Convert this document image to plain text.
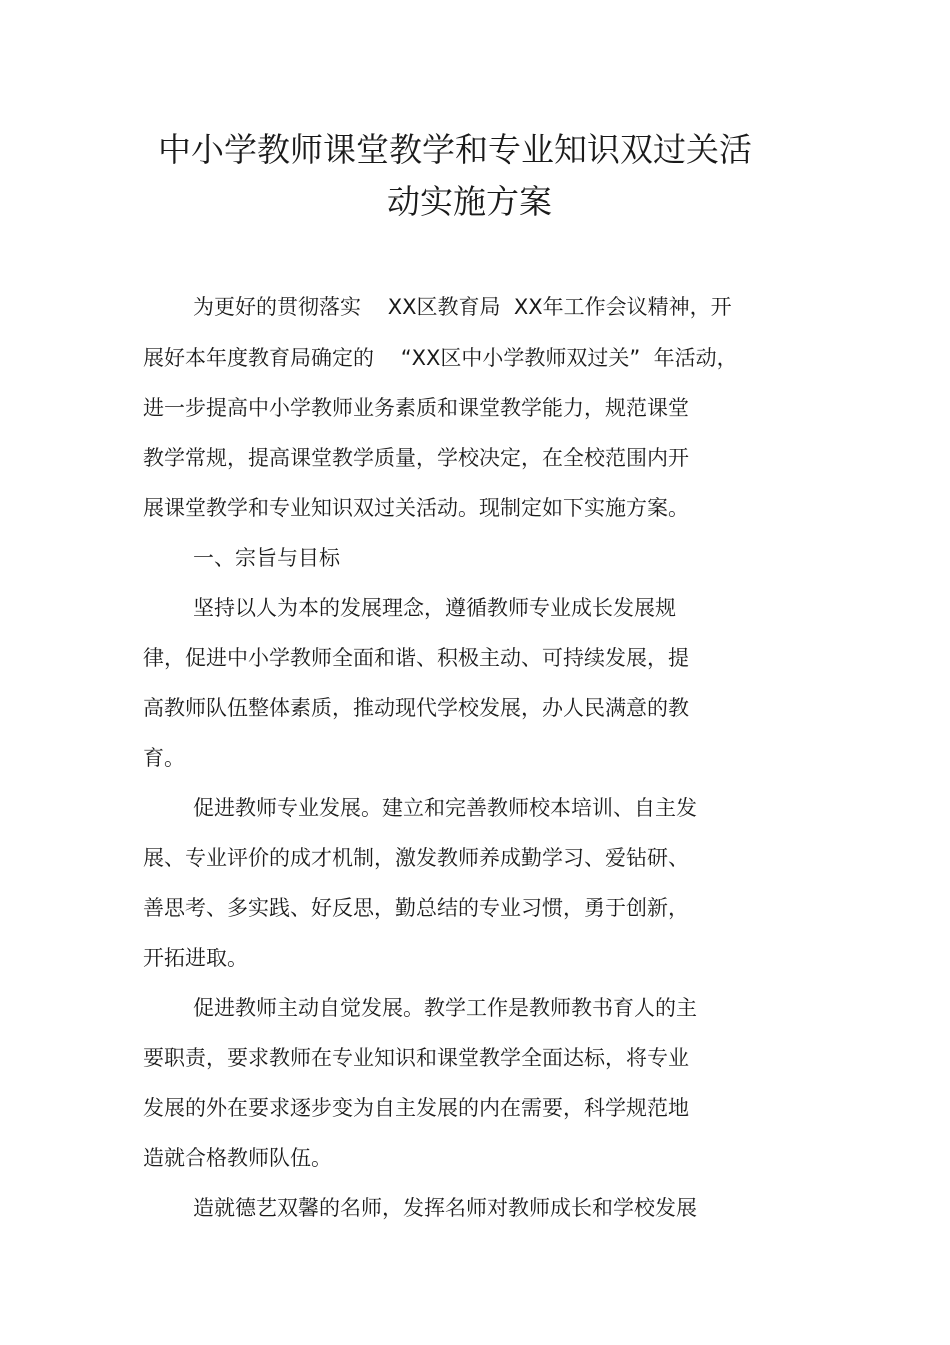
中小学教师课堂教学和专业知识双过关活
动实施方案

为更好的贯彻落实    XX区教育局  XX年工作会议精神，开

展好本年度教育局确定的    “XX区中小学教师双过关”  年活动，

进一步提高中小学教师业务素质和课堂教学能力，规范课堂

教学常规，提高课堂教学质量，学校决定，在全校范围内开

展课堂教学和专业知识双过关活动。现制定如下实施方案。

一、宗旨与目标

坚持以人为本的发展理念，遵循教师专业成长发展规

律，促进中小学教师全面和谐、积极主动、可持续发展，提

高教师队伍整体素质，推动现代学校发展，办人民满意的教

育。

促进教师专业发展。建立和完善教师校本培训、自主发

展、专业评价的成才机制，激发教师养成勤学习、爱钻研、

善思考、多实践、好反思，勤总结的专业习惯，勇于创新，

开拓进取。

促进教师主动自觉发展。教学工作是教师教书育人的主

要职责，要求教师在专业知识和课堂教学全面达标，将专业

发展的外在要求逐步变为自主发展的内在需要，科学规范地

造就合格教师队伍。

造就德艺双馨的名师，发挥名师对教师成长和学校发展
